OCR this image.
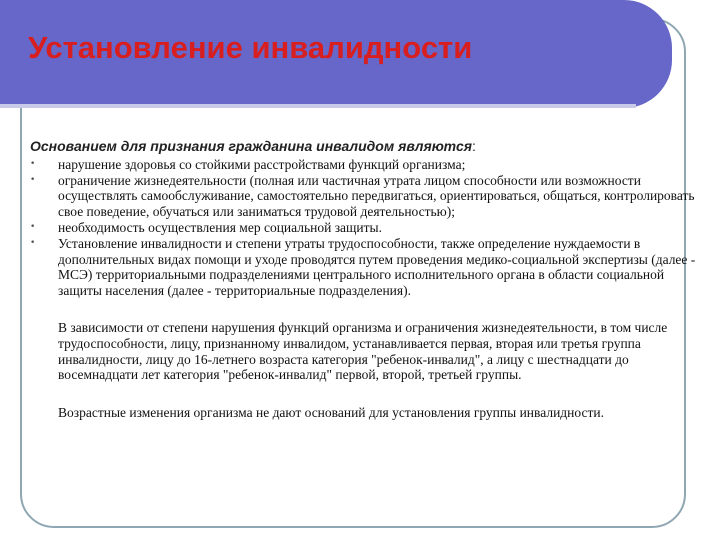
Установление инвалидности

Основанием для признания гражданина инвалидом являются:

• нарушение здоровья со стойкими расстройствами функций организма;
• ограничение жизнедеятельности (полная или частичная утрата лицом способности или возможности осуществлять самообслуживание, самостоятельно передвигаться, ориентироваться, общаться, контролировать свое поведение, обучаться или заниматься трудовой деятельностью);
• необходимость осуществления мер социальной защиты.
• Установление инвалидности и степени утраты трудоспособности, также определение нуждаемости в дополнительных видах помощи и уходе проводятся путем проведения медико-социальной экспертизы (далее - МСЭ) территориальными подразделениями центрального исполнительного органа в области социальной защиты населения (далее - территориальные подразделения).

В зависимости от степени нарушения функций организма и ограничения жизнедеятельности, в том числе трудоспособности, лицу, признанному инвалидом, устанавливается первая, вторая или третья группа инвалидности, лицу до 16-летнего возраста категория "ребенок-инвалид", а лицу с шестнадцати до восемнадцати лет категория "ребенок-инвалид" первой, второй, третьей группы.

Возрастные изменения организма не дают оснований для установления группы инвалидности.
